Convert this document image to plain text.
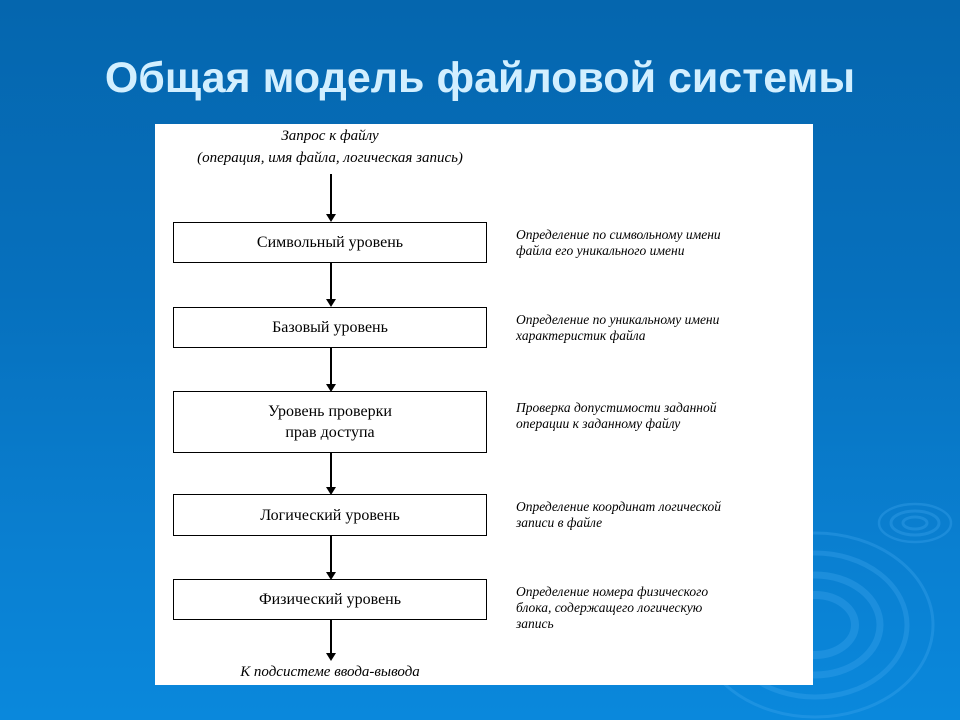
Общая модель файловой системы
Запрос к файлу
(операция, имя файла, логическая запись)
Символьный уровень	Определение по символьному имени
файла его уникального имени
Базовый уровень	Определение по уникальному имени
характеристик файла
Уровень проверки
прав доступа
Проверка допустимости заданной
операции к заданному файлу
Логический уровень	Определение координат логической
записи в файле
Физический уровень	Определение номера физического
блока, содержащего логическую
запись
К подсистеме ввода-вывода
